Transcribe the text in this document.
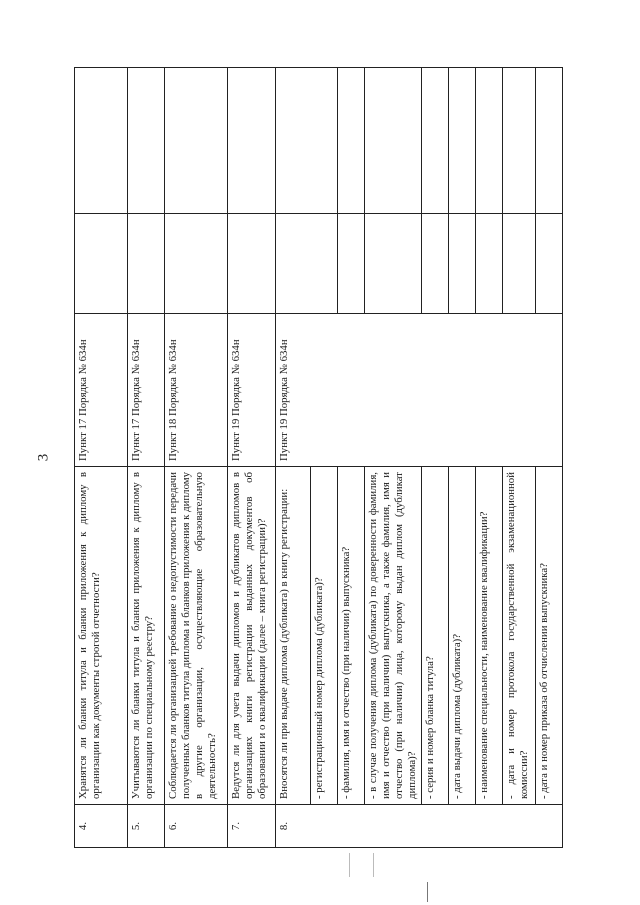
3
4.	Хранятся ли бланки титула и бланки приложения к диплому в организации как документы строгой отчетности?	Пункт 17 Порядка № 634н		
5.	Учитываются ли бланки титула и бланки приложения к диплому в организации по специальному реестру?	Пункт 17 Порядка № 634н		
6.	Соблюдается ли организацией требование о недопустимости передачи полученных бланков титула диплома и бланков приложения к диплому в другие организации, осуществляющие образовательную деятельность?	Пункт 18 Порядка № 634н		
7.	Ведутся ли для учета выдачи дипломов и дубликатов дипломов в организациях книги регистрации выданных документов об образовании и о квалификации (далее – книга регистрации)?	Пункт 19 Порядка № 634н		
8.	Вносятся ли при выдаче диплома (дубликата) в книгу регистрации:	Пункт 19 Порядка № 634н		
	- регистрационный номер диплома (дубликата)?			
	- фамилия, имя и отчество (при наличии) выпускника?			
	- в случае получения диплома (дубликата) по доверенности фамилия, имя и отчество (при наличии) выпускника, а также фамилия, имя и отчество (при наличии) лица, которому выдан диплом (дубликат диплома)?			
	- серия и номер бланка титула?			
	- дата выдачи диплома (дубликата)?			
	- наименование специальности, наименование квалификации?			
	- дата и номер протокола государственной экзаменационной комиссии?			
	- дата и номер приказа об отчислении выпускника?			
